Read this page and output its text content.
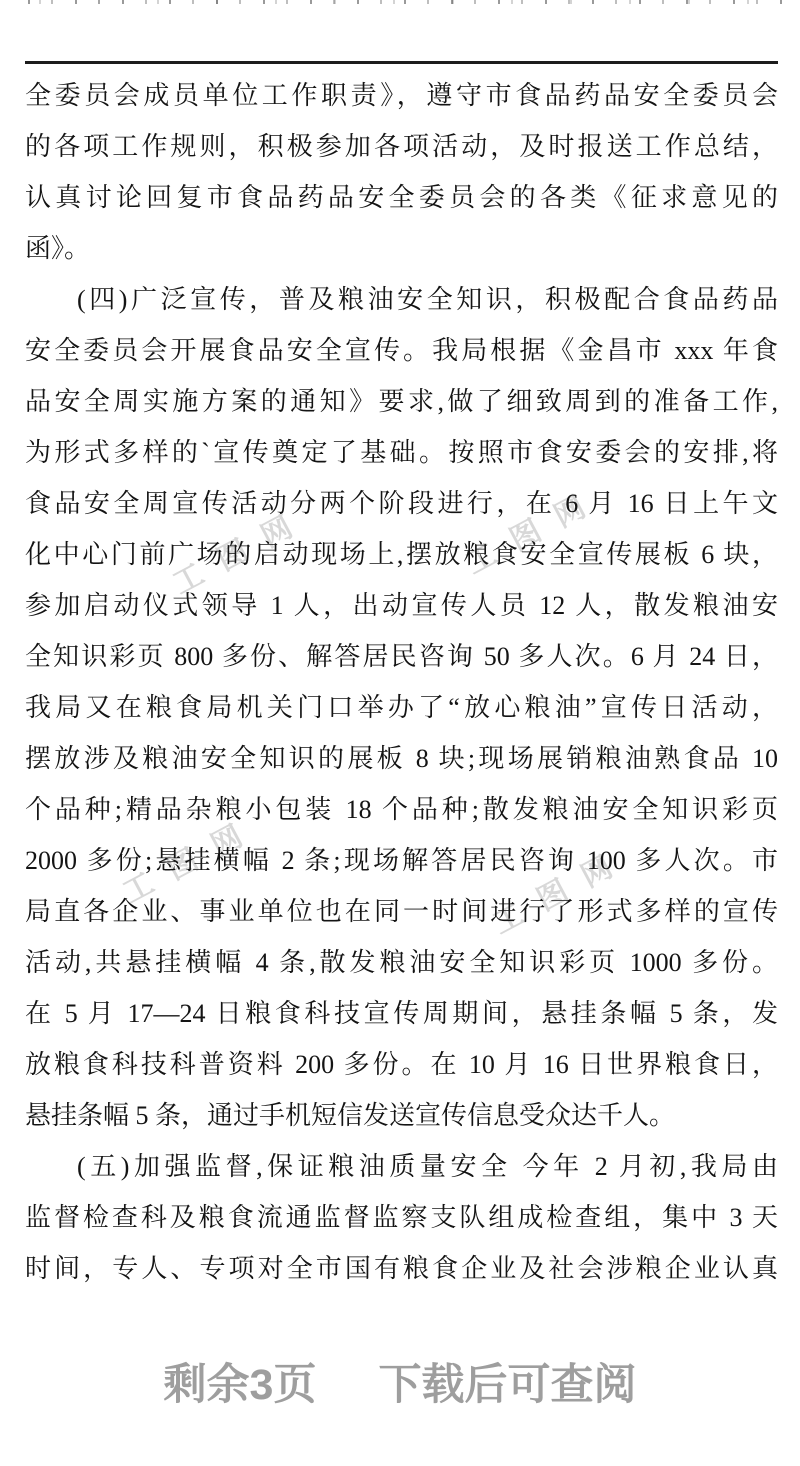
工图网	工图网
工图网	工图网
全委员会成员单位工作职责》，遵守市食品药品安全委员会
的各项工作规则，积极参加各项活动，及时报送工作总结，
认真讨论回复市食品药品安全委员会的各类《征求意见的
函》。
(四)广泛宣传，普及粮油安全知识，积极配合食品药品
安全委员会开展食品安全宣传。我局根据《金昌市 xxx 年食
品安全周实施方案的通知》要求,做了细致周到的准备工作,
为形式多样的`宣传奠定了基础。按照市食安委会的安排,将
食品安全周宣传活动分两个阶段进行，在 6 月 16 日上午文
化中心门前广场的启动现场上,摆放粮食安全宣传展板 6 块，
参加启动仪式领导 1 人，出动宣传人员 12 人，散发粮油安
全知识彩页 800 多份、解答居民咨询 50 多人次。6 月 24 日，
我局又在粮食局机关门口举办了“放心粮油”宣传日活动，
摆放涉及粮油安全知识的展板 8 块;现场展销粮油熟食品 10
个品种;精品杂粮小包装 18 个品种;散发粮油安全知识彩页
2000 多份;悬挂横幅 2 条;现场解答居民咨询 100 多人次。市
局直各企业、事业单位也在同一时间进行了形式多样的宣传
活动,共悬挂横幅 4 条,散发粮油安全知识彩页 1000 多份。
在 5 月 17—24 日粮食科技宣传周期间，悬挂条幅 5 条，发
放粮食科技科普资料 200 多份。在 10 月 16 日世界粮食日，
悬挂条幅 5 条，通过手机短信发送宣传信息受众达千人。
(五)加强监督,保证粮油质量安全 今年 2 月初,我局由
监督检查科及粮食流通监督监察支队组成检查组，集中 3 天
时间，专人、专项对全市国有粮食企业及社会涉粮企业认真
剩余3页 下载后可查阅
